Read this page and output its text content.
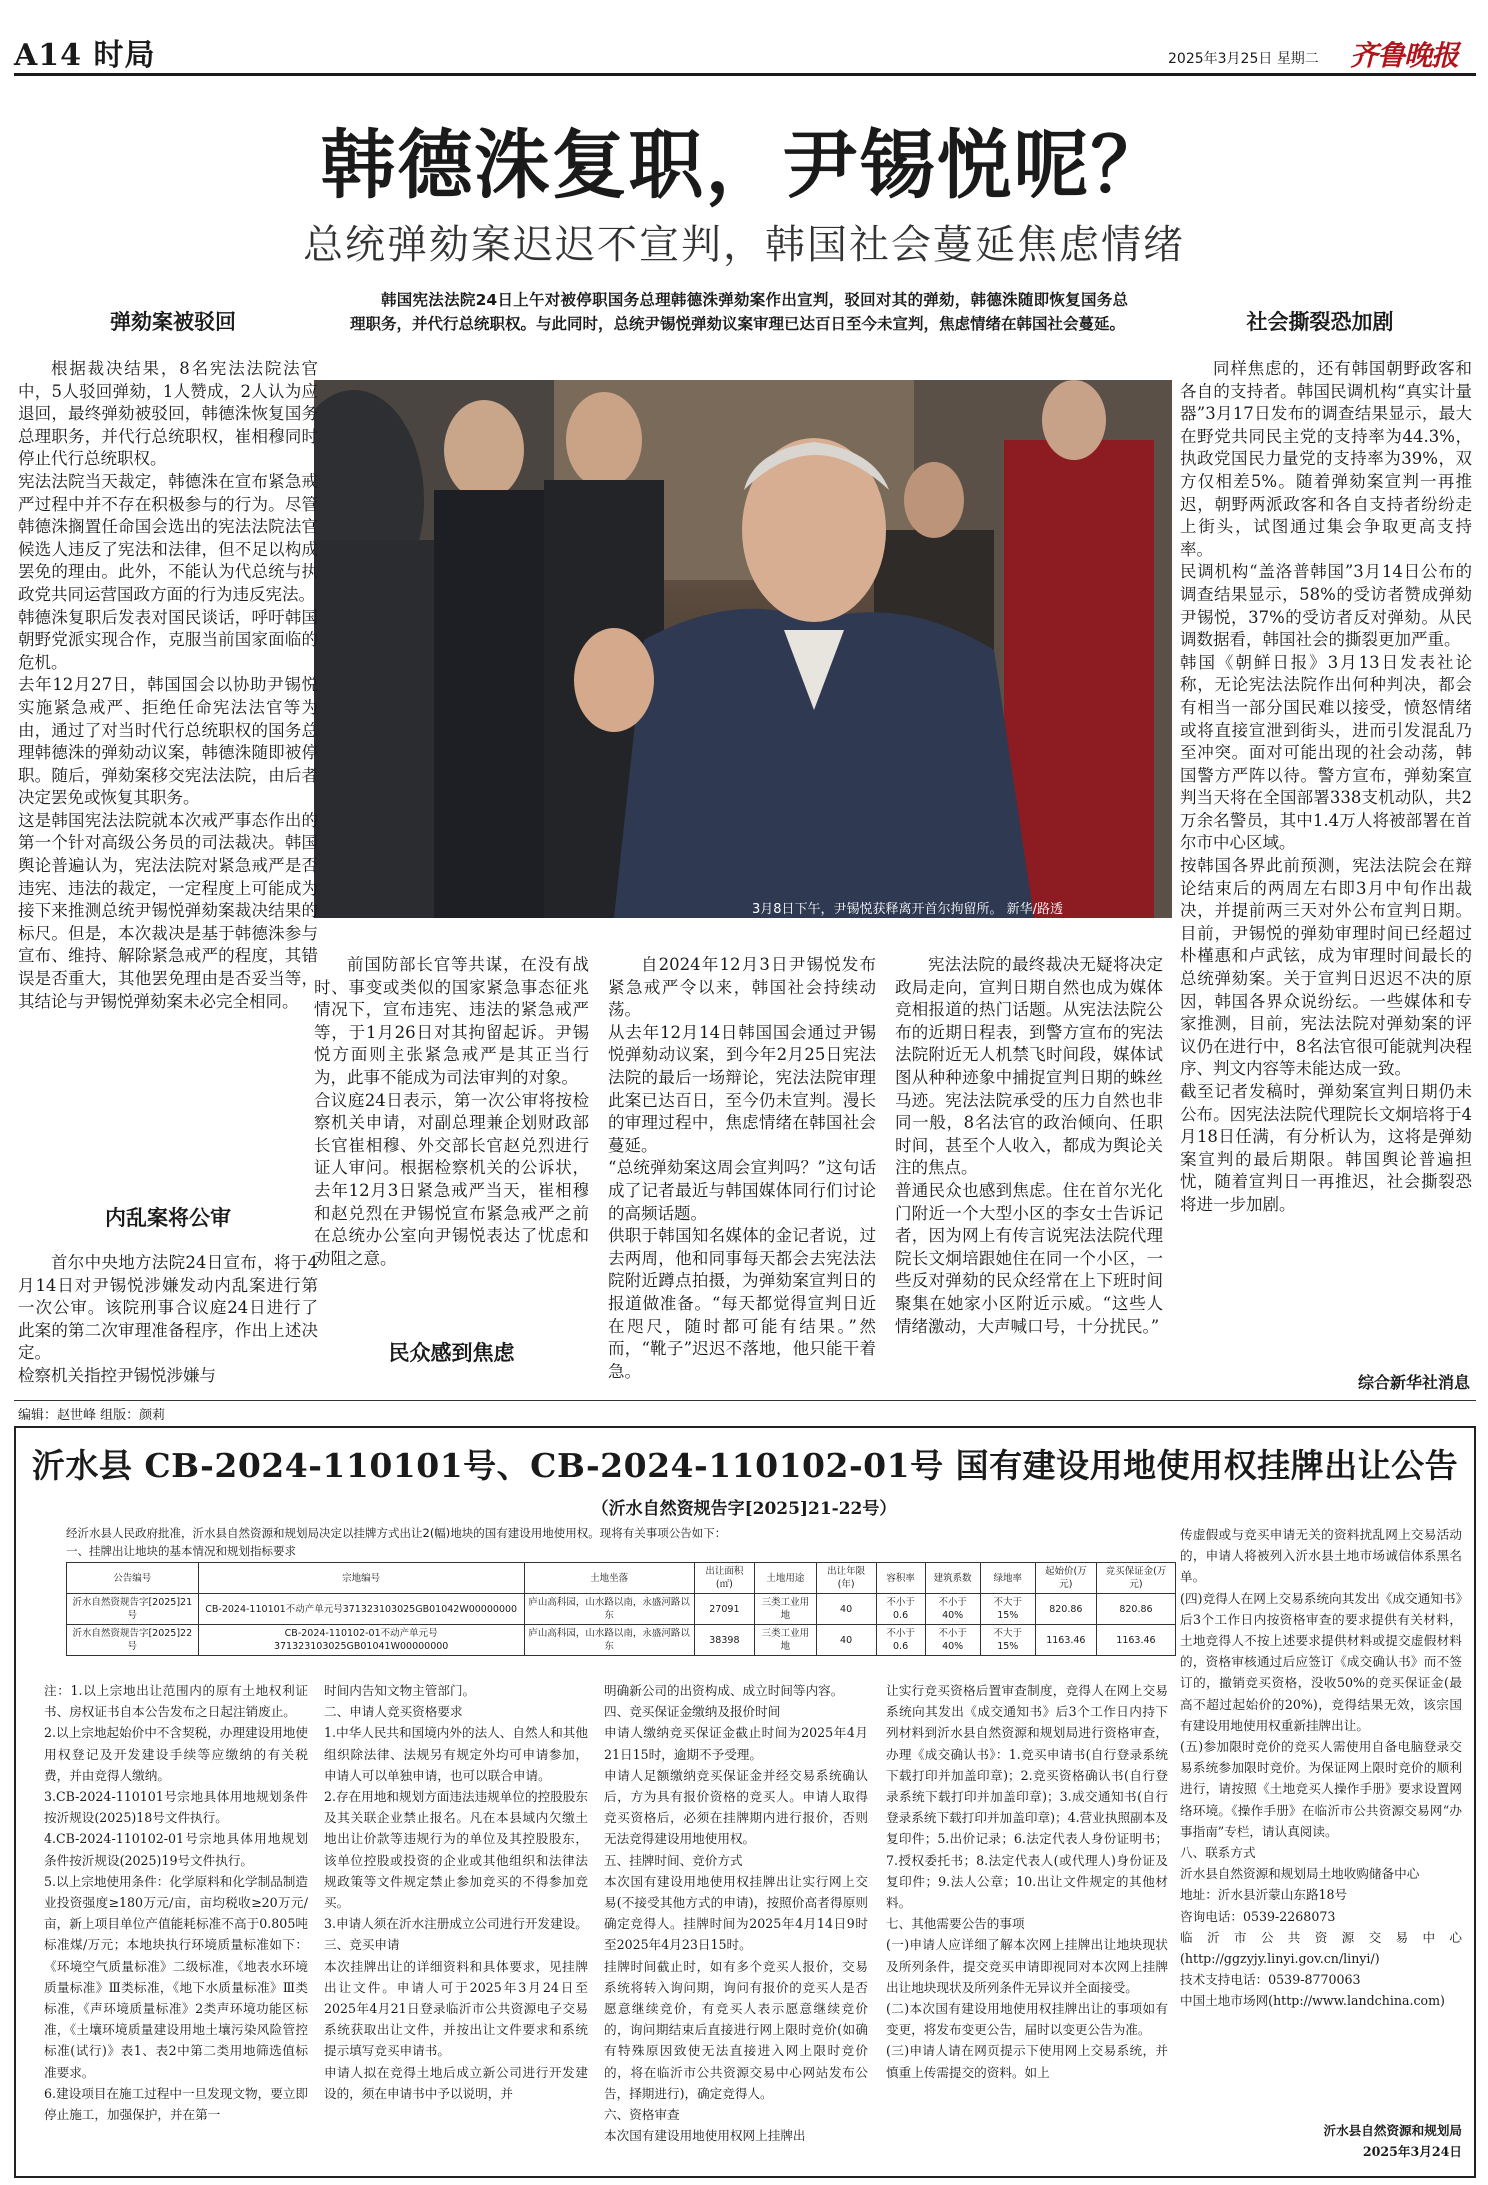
A14 时局	2025年3月25日 星期二 齐鲁晚报
韩德洙复职，尹锡悦呢？
总统弹劾案迟迟不宣判，韩国社会蔓延焦虑情绪
韩国宪法法院24日上午对被停职国务总理韩德洙弹劾案作出宣判，驳回对其的弹劾，韩德洙随即恢复国务总理职务，并代行总统职权。与此同时，总统尹锡悦弹劾议案审理已达百日至今未宣判，焦虑情绪在韩国社会蔓延。
弹劾案被驳回	社会撕裂恐加剧
3月8日下午，尹锡悦获释离开首尔拘留所。 新华/路透
根据裁决结果，8名宪法法院法官中，5人驳回弹劾，1人赞成，2人认为应退回，最终弹劾被驳回，韩德洙恢复国务总理职务，并代行总统职权，崔相穆同时停止代行总统职权。
宪法法院当天裁定，韩德洙在宣布紧急戒严过程中并不存在积极参与的行为。尽管韩德洙搁置任命国会选出的宪法法院法官候选人违反了宪法和法律，但不足以构成罢免的理由。此外，不能认为代总统与执政党共同运营国政方面的行为违反宪法。
韩德洙复职后发表对国民谈话，呼吁韩国朝野党派实现合作，克服当前国家面临的危机。
去年12月27日，韩国国会以协助尹锡悦实施紧急戒严、拒绝任命宪法法官等为由，通过了对当时代行总统职权的国务总理韩德洙的弹劾动议案，韩德洙随即被停职。随后，弹劾案移交宪法法院，由后者决定罢免或恢复其职务。
这是韩国宪法法院就本次戒严事态作出的第一个针对高级公务员的司法裁决。韩国舆论普遍认为，宪法法院对紧急戒严是否违宪、违法的裁定，一定程度上可能成为接下来推测总统尹锡悦弹劾案裁决结果的标尺。但是，本次裁决是基于韩德洙参与宣布、维持、解除紧急戒严的程度，其错误是否重大，其他罢免理由是否妥当等，其结论与尹锡悦弹劾案未必完全相同。
内乱案将公审
首尔中央地方法院24日宣布，将于4月14日对尹锡悦涉嫌发动内乱案进行第一次公审。该院刑事合议庭24日进行了此案的第二次审理准备程序，作出上述决定。
检察机关指控尹锡悦涉嫌与
前国防部长官等共谋，在没有战时、事变或类似的国家紧急事态征兆情况下，宣布违宪、违法的紧急戒严等，于1月26日对其拘留起诉。尹锡悦方面则主张紧急戒严是其正当行为，此事不能成为司法审判的对象。
合议庭24日表示，第一次公审将按检察机关申请，对副总理兼企划财政部长官崔相穆、外交部长官赵兑烈进行证人审问。根据检察机关的公诉状，去年12月3日紧急戒严当天，崔相穆和赵兑烈在尹锡悦宣布紧急戒严之前在总统办公室向尹锡悦表达了忧虑和劝阻之意。
民众感到焦虑
自2024年12月3日尹锡悦发布紧急戒严令以来，韩国社会持续动荡。
从去年12月14日韩国国会通过尹锡悦弹劾动议案，到今年2月25日宪法法院的最后一场辩论，宪法法院审理此案已达百日，至今仍未宣判。漫长的审理过程中，焦虑情绪在韩国社会蔓延。
“总统弹劾案这周会宣判吗？”这句话成了记者最近与韩国媒体同行们讨论的高频话题。
供职于韩国知名媒体的金记者说，过去两周，他和同事每天都会去宪法法院附近蹲点拍摄，为弹劾案宣判日的报道做准备。“每天都觉得宣判日近在咫尺，随时都可能有结果。”然而，“靴子”迟迟不落地，他只能干着急。
宪法法院的最终裁决无疑将决定政局走向，宣判日期自然也成为媒体竞相报道的热门话题。从宪法法院公布的近期日程表，到警方宣布的宪法法院附近无人机禁飞时间段，媒体试图从种种迹象中捕捉宣判日期的蛛丝马迹。宪法法院承受的压力自然也非同一般，8名法官的政治倾向、任职时间，甚至个人收入，都成为舆论关注的焦点。
普通民众也感到焦虑。住在首尔光化门附近一个大型小区的李女士告诉记者，因为网上有传言说宪法法院代理院长文炯培跟她住在同一个小区，一些反对弹劾的民众经常在上下班时间聚集在她家小区附近示威。“这些人情绪激动，大声喊口号，十分扰民。”
同样焦虑的，还有韩国朝野政客和各自的支持者。韩国民调机构“真实计量器”3月17日发布的调查结果显示，最大在野党共同民主党的支持率为44.3%，执政党国民力量党的支持率为39%，双方仅相差5%。随着弹劾案宣判一再推迟，朝野两派政客和各自支持者纷纷走上街头，试图通过集会争取更高支持率。
民调机构“盖洛普韩国”3月14日公布的调查结果显示，58%的受访者赞成弹劾尹锡悦，37%的受访者反对弹劾。从民调数据看，韩国社会的撕裂更加严重。
韩国《朝鲜日报》3月13日发表社论称，无论宪法法院作出何种判决，都会有相当一部分国民难以接受，愤怒情绪或将直接宣泄到街头，进而引发混乱乃至冲突。面对可能出现的社会动荡，韩国警方严阵以待。警方宣布，弹劾案宣判当天将在全国部署338支机动队，共2万余名警员，其中1.4万人将被部署在首尔市中心区域。
按韩国各界此前预测，宪法法院会在辩论结束后的两周左右即3月中旬作出裁决，并提前两三天对外公布宣判日期。目前，尹锡悦的弹劾审理时间已经超过朴槿惠和卢武铉，成为审理时间最长的总统弹劾案。关于宣判日迟迟不决的原因，韩国各界众说纷纭。一些媒体和专家推测，目前，宪法法院对弹劾案的评议仍在进行中，8名法官很可能就判决程序、判文内容等未能达成一致。
截至记者发稿时，弹劾案宣判日期仍未公布。因宪法法院代理院长文炯培将于4月18日任满，有分析认为，这将是弹劾案宣判的最后期限。韩国舆论普遍担忧，随着宣判日一再推迟，社会撕裂恐将进一步加剧。
综合新华社消息
编辑：赵世峰 组版：颜莉
沂水县 CB-2024-110101号、CB-2024-110102-01号 国有建设用地使用权挂牌出让公告
（沂水自然资规告字[2025]21-22号）
经沂水县人民政府批准，沂水县自然资源和规划局决定以挂牌方式出让2(幅)地块的国有建设用地使用权。现将有关事项公告如下：
一、挂牌出让地块的基本情况和规划指标要求
公告编号	宗地编号	土地坐落	出让面积(㎡)	土地用途	出让年限(年)	容积率	建筑系数	绿地率	起始价(万元)	竞买保证金(万元)
沂水自然资规告字[2025]21号	CB-2024-110101不动产单元号371323103025GB01042W00000000	庐山高科园，山水路以南，永盛河路以东	27091	三类工业用地	40	不小于0.6	不小于40%	不大于15%	820.86	820.86
沂水自然资规告字[2025]22号	CB-2024-110102-01不动产单元号371323103025GB01041W00000000	庐山高科园，山水路以南，永盛河路以东	38398	三类工业用地	40	不小于0.6	不小于40%	不大于15%	1163.46	1163.46
注：1.以上宗地出让范围内的原有土地权利证书、房权证书自本公告发布之日起注销废止。
2.以上宗地起始价中不含契税，办理建设用地使用权登记及开发建设手续等应缴纳的有关税费，并由竞得人缴纳。
3.CB-2024-110101号宗地具体用地规划条件按沂规设(2025)18号文件执行。
4.CB-2024-110102-01号宗地具体用地规划条件按沂规设(2025)19号文件执行。
5.以上宗地使用条件：化学原料和化学制品制造业投资强度≥180万元/亩，亩均税收≥20万元/亩，新上项目单位产值能耗标准不高于0.805吨标准煤/万元；本地块执行环境质量标准如下：《环境空气质量标准》二级标准，《地表水环境质量标准》Ⅲ类标准，《地下水质量标准》Ⅲ类标准，《声环境质量标准》2类声环境功能区标准，《土壤环境质量建设用地土壤污染风险管控标准(试行)》表1、表2中第二类用地筛选值标准要求。
6.建设项目在施工过程中一旦发现文物，要立即停止施工，加强保护，并在第一
时间内告知文物主管部门。
二、申请人竞买资格要求
1.中华人民共和国境内外的法人、自然人和其他组织除法律、法规另有规定外均可申请参加，申请人可以单独申请，也可以联合申请。
2.存在用地和规划方面违法违规单位的控股股东及其关联企业禁止报名。凡在本县域内欠缴土地出让价款等违规行为的单位及其控股股东，该单位控股或投资的企业或其他组织和法律法规政策等文件规定禁止参加竞买的不得参加竞买。
3.申请人须在沂水注册成立公司进行开发建设。
三、竞买申请
本次挂牌出让的详细资料和具体要求，见挂牌出让文件。申请人可于2025年3月24日至2025年4月21日登录临沂市公共资源电子交易系统获取出让文件，并按出让文件要求和系统提示填写竞买申请书。
申请人拟在竞得土地后成立新公司进行开发建设的，须在申请书中予以说明，并
明确新公司的出资构成、成立时间等内容。
四、竞买保证金缴纳及报价时间
申请人缴纳竞买保证金截止时间为2025年4月21日15时，逾期不予受理。
申请人足额缴纳竞买保证金并经交易系统确认后，方为具有报价资格的竞买人。申请人取得竞买资格后，必须在挂牌期内进行报价，否则无法竞得建设用地使用权。
五、挂牌时间、竞价方式
本次国有建设用地使用权挂牌出让实行网上交易(不接受其他方式的申请)，按照价高者得原则确定竞得人。挂牌时间为2025年4月14日9时至2025年4月23日15时。
挂牌时间截止时，如有多个竞买人报价，交易系统将转入询问期，询问有报价的竞买人是否愿意继续竞价，有竞买人表示愿意继续竞价的，询问期结束后直接进行网上限时竞价(如确有特殊原因致使无法直接进入网上限时竞价的，将在临沂市公共资源交易中心网站发布公告，择期进行)，确定竞得人。
六、资格审查
本次国有建设用地使用权网上挂牌出
让实行竞买资格后置审查制度，竞得人在网上交易系统向其发出《成交通知书》后3个工作日内持下列材料到沂水县自然资源和规划局进行资格审查，办理《成交确认书》：1.竞买申请书(自行登录系统下载打印并加盖印章)；2.竞买资格确认书(自行登录系统下载打印并加盖印章)；3.成交通知书(自行登录系统下载打印并加盖印章)；4.营业执照副本及复印件；5.出价记录；6.法定代表人身份证明书；7.授权委托书；8.法定代表人(或代理人)身份证及复印件；9.法人公章；10.出让文件规定的其他材料。
七、其他需要公告的事项
(一)申请人应详细了解本次网上挂牌出让地块现状及所列条件，提交竞买申请即视同对本次网上挂牌出让地块现状及所列条件无异议并全面接受。
(二)本次国有建设用地使用权挂牌出让的事项如有变更，将发布变更公告，届时以变更公告为准。
(三)申请人请在网页提示下使用网上交易系统，并慎重上传需提交的资料。如上
传虚假或与竞买申请无关的资料扰乱网上交易活动的，申请人将被列入沂水县土地市场诚信体系黑名单。
(四)竞得人在网上交易系统向其发出《成交通知书》后3个工作日内按资格审查的要求提供有关材料，土地竞得人不按上述要求提供材料或提交虚假材料的，资格审核通过后应签订《成交确认书》而不签订的，撤销竞买资格，没收50%的竞买保证金(最高不超过起始价的20%)，竞得结果无效，该宗国有建设用地使用权重新挂牌出让。
(五)参加限时竞价的竞买人需使用自备电脑登录交易系统参加限时竞价。为保证网上限时竞价的顺利进行，请按照《土地竞买人操作手册》要求设置网络环境。《操作手册》在临沂市公共资源交易网“办事指南”专栏，请认真阅读。
八、联系方式
沂水县自然资源和规划局土地收购储备中心
地址：沂水县沂蒙山东路18号
咨询电话：0539-2268073
临沂市公共资源交易中心(http://ggzyjy.linyi.gov.cn/linyi/)
技术支持电话：0539-8770063
中国土地市场网(http://www.landchina.com)
沂水县自然资源和规划局
2025年3月24日
